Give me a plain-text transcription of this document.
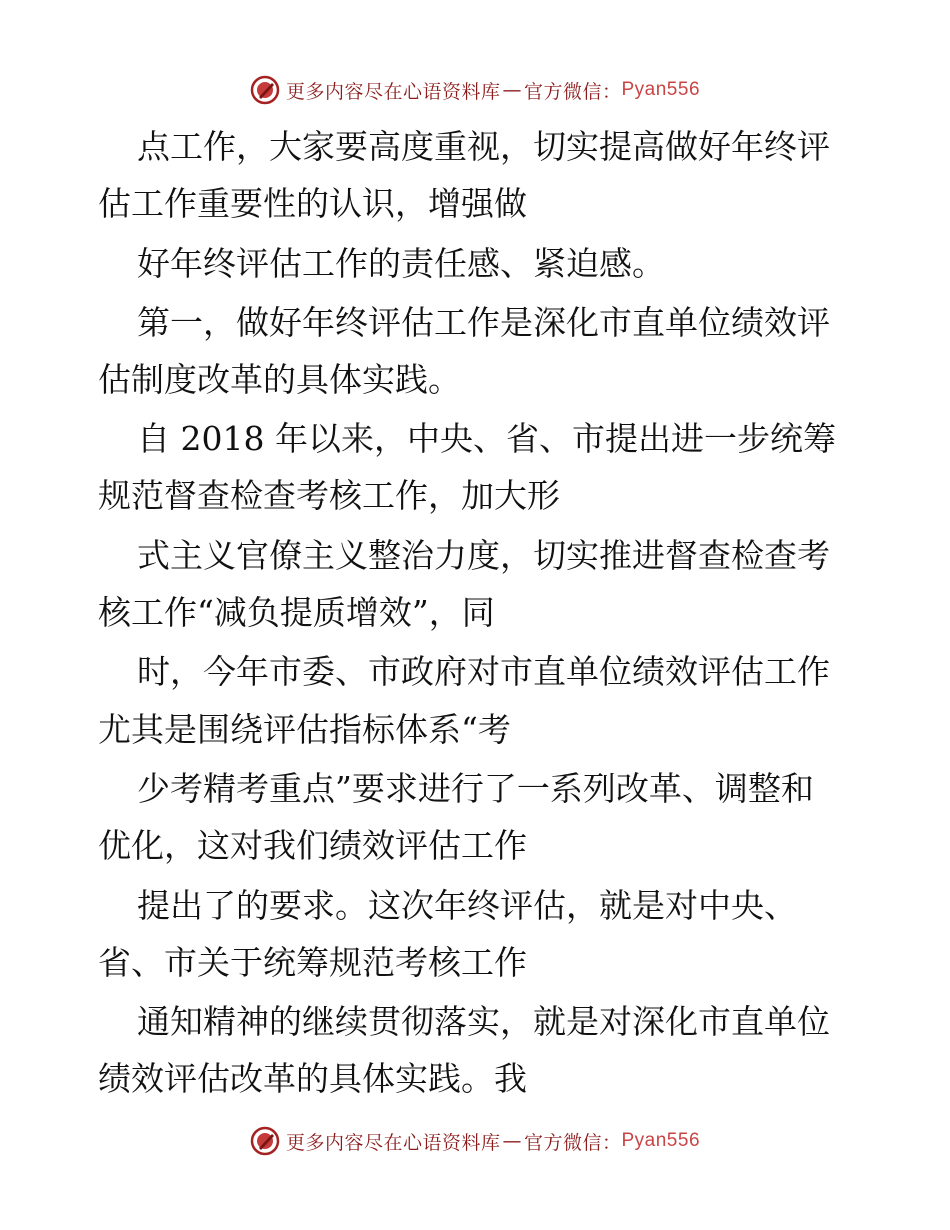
更多内容尽在心语资料库 — 官方微信： Pyan556
点工作，大家要高度重视，切实提高做好年终评
估工作重要性的认识，增强做
好年终评估工作的责任感、紧迫感。
第一，做好年终评估工作是深化市直单位绩效评
估制度改革的具体实践。
自 2018 年以来，中央、省、市提出进一步统筹
规范督查检查考核工作，加大形
式主义官僚主义整治力度，切实推进督查检查考
核工作“减负提质增效”，同
时，今年市委、市政府对市直单位绩效评估工作
尤其是围绕评估指标体系“考
少考精考重点”要求进行了一系列改革、调整和
优化，这对我们绩效评估工作
提出了的要求。这次年终评估，就是对中央、
省、市关于统筹规范考核工作
通知精神的继续贯彻落实，就是对深化市直单位
绩效评估改革的具体实践。我
更多内容尽在心语资料库 — 官方微信： Pyan556
